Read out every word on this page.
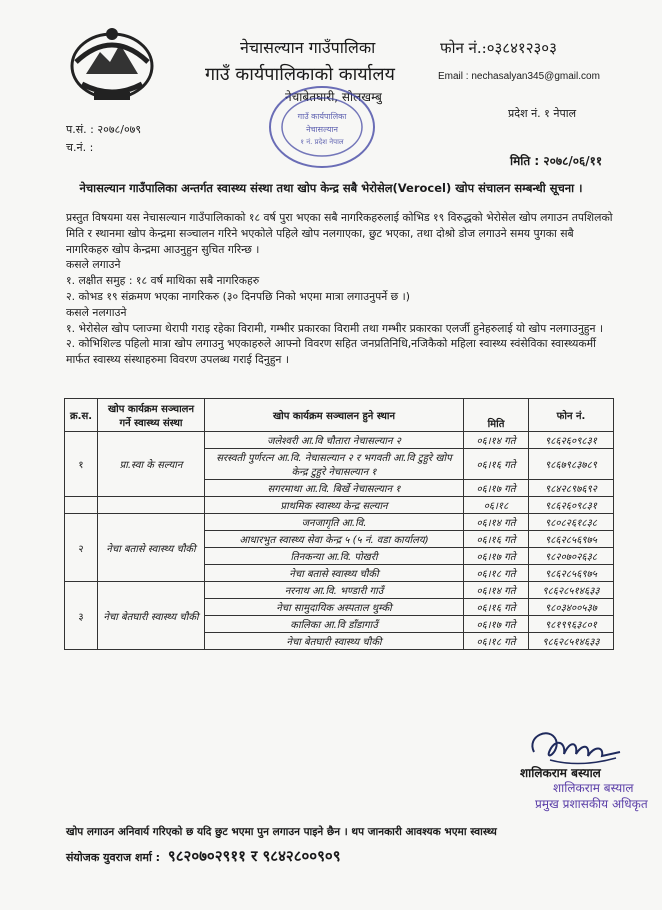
नेचासल्यान गाउँपालिका
गाउँ कार्यपालिकाको कार्यालय
नेचाबेतघारी, सोलखम्बु
फोन नं.:०३८४१२३०३
Email : nechasalyan345@gmail.com
प्रदेश नं. १ नेपाल
गाउँ कार्यपालिका
नेचासल्यान
१ नं. प्रदेश नेपाल
प.सं. : २०७८/०७९
च.नं. :
मिति : २०७८/०६/११
नेचासल्यान गाउँपालिका अन्तर्गत स्वास्थ्य संस्था तथा खोप केन्द्र सबै भेरोसेल(Verocel) खोप संचालन सम्बन्धी सूचना ।

प्रस्तुत विषयमा यस नेचासल्यान गाउँपालिकाको १८ वर्ष पुरा भएका सबै नागरिकहरुलाई कोभिड १९ विरुद्धको भेरोसेल खोप लगाउन तपशिलको मिति र स्थानमा खोप केन्द्रमा सञ्चालन गरिने भएकोले पहिले खोप नलगाएका, छुट भएका, तथा दोश्रो डोज लगाउने समय पुगका सबै नागरिकहरु खोप केन्द्रमा आउनुहुन सुचित गरिन्छ ।

कसले लगाउने

१. लक्षीत समुह : १८ वर्ष माथिका सबै नागरिकहरु

२. कोभड १९ संक्रमण भएका नागरिकरु (३० दिनपछि निको भएमा मात्रा लगाउनुपर्ने छ ।)

कसले नलगाउने

१. भेरोसेल खोप प्लाज्मा थेरापी गराइ रहेका विरामी, गम्भीर प्रकारका विरामी तथा गम्भीर प्रकारका एलर्जी हुनेहरुलाई यो खोप नलगाउनुहुन ।

२. कोभिशिल्ड पहिलो मात्रा खोप लगाउनु भएकाहरुले आफ्नो विवरण सहित जनप्रतिनिधि,नजिकैको महिला स्वास्थ्य स्वंसेविका स्वास्थ्यकर्मी मार्फत स्वास्थ्य संस्थाहरुमा विवरण उपलब्ध गराई दिनुहुन ।

क्र.स.	खोप कार्यक्रम सञ्चालन गर्ने स्वास्थ्य संस्था	खोप कार्यक्रम सञ्चालन हुने स्थान	मिति	फोन नं.
१	प्रा.स्वा के सल्यान	जलेश्वरी आ.वि चौतारा नेचासल्यान २	०६।१४ गते	९८६२६०९८३१
		सरस्वती पुर्णरत्न आ.वि. नेचासल्यान २ र भगवती आ.वि टुहुरे खोप केन्द्र टुहुरे नेचासल्यान १	०६।१६ गते	९८६७९८३७८९
		सगरमाथा आ.वि. बिर्खे नेचासल्यान १	०६।१७ गते	९८४२८९७६९२
		प्राथमिक स्वास्थ्य केन्द्र सल्यान	०६।१८	९८६२६०९८३१
२	नेचा बतासे स्वास्थ्य चौकी	जनजागृति आ.वि.	०६।१४ गते	९८०८२६१८३८
		आधारभुत स्वास्थ्य सेवा केन्द्र ५ (५ नं. वडा कार्यालय)	०६।१६ गते	९८६२८५६९७५
		तिनकन्या आ.वि. पोखरी	०६।१७ गते	९८२०७०२६३८
		नेचा बतासे स्वास्थ्य चौकी	०६।१८ गते	९८६२८५६९७५
३	नेचा बेतघारी स्वास्थ्य चौकी	नरनाथ आ.वि. भण्डारी गाउँ	०६।१४ गते	९८६२८५१४६३३
		नेचा सामुदायिक अस्पताल थुम्की	०६।१६ गते	९८०३४००५३७
		कालिका आ.वि डाँडागाउँ	०६।१७ गते	९८१९९६३८०१
		नेचा बेतघारी स्वास्थ्य चौकी	०६।१८ गते	९८६२८५१४६३३
शालिकराम बस्याल
शालिकराम बस्याल
प्रमुख प्रशासकीय अधिकृत
खोप लगाउन अनिवार्य गरिएको छ यदि छुट भएमा पुन लगाउन पाइने छैन । थप जानकारी आवश्यक भएमा स्वास्थ्य
संयोजक युवराज शर्मा : ९८२०७०२९११ र ९८४२८००९०९
